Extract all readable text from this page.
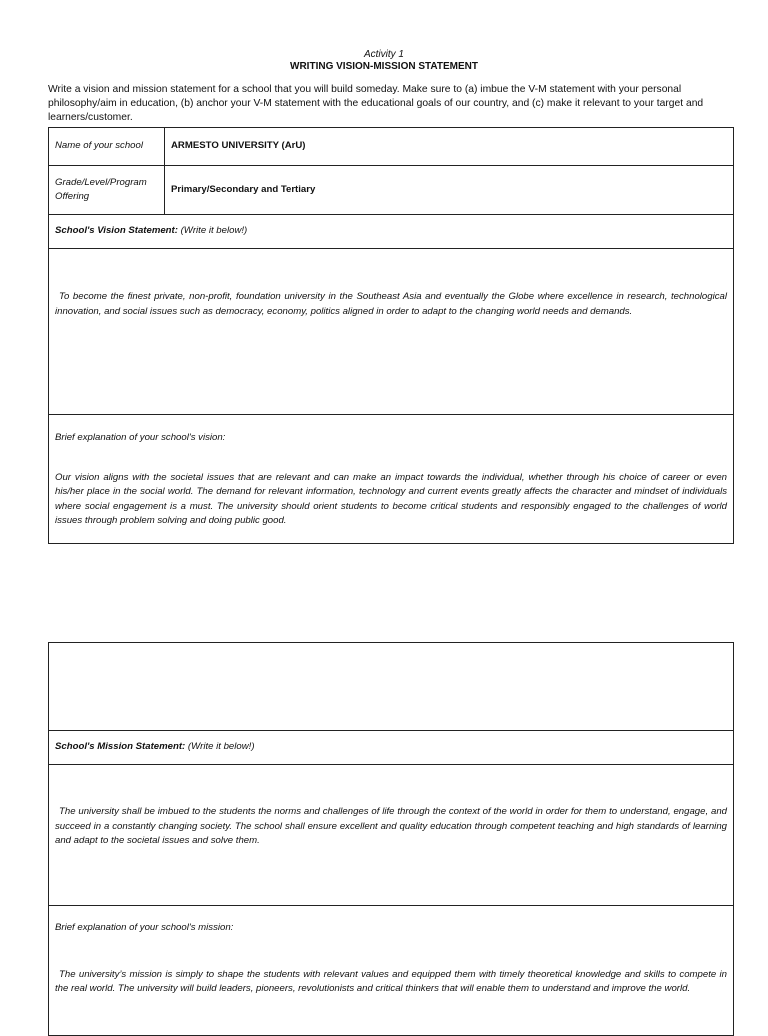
Activity 1
WRITING VISION-MISSION STATEMENT
Write a vision and mission statement for a school that you will build someday. Make sure to (a) imbue the V-M statement with your personal philosophy/aim in education, (b) anchor your V-M statement with the educational goals of our country, and (c) make it relevant to your target and learners/customer.
Name of your school	ARMESTO UNIVERSITY (ArU)
Grade/Level/Program Offering	Primary/Secondary and Tertiary
School's Vision Statement: (Write it below!)	

To become the finest private, non-profit, foundation university in the Southeast Asia and eventually the Globe where excellence in research, technological innovation, and social issues such as democracy, economy, politics aligned in order to adapt to the changing world needs and demands.	

Brief explanation of your school's vision:
Our vision aligns with the societal issues that are relevant and can make an impact towards the individual, whether through his choice of career or even his/her place in the social world. The demand for relevant information, technology and current events greatly affects the character and mindset of individuals where social engagement is a must. The university should orient students to become critical students and responsibly engaged to the challenges of world issues through problem solving and doing public good.	

School's Mission Statement: (Write it below!)

The university shall be imbued to the students the norms and challenges of life through the context of the world in order for them to understand, engage, and succeed in a constantly changing society. The school shall ensure excellent and quality education through competent teaching and high standards of learning and adapt to the societal issues and solve them.

Brief explanation of your school's mission:
The university’s mission is simply to shape the students with relevant values and equipped them with timely theoretical knowledge and skills to compete in the real world. The university will build leaders, pioneers, revolutionists and critical thinkers that will enable them to understand and improve the world.
